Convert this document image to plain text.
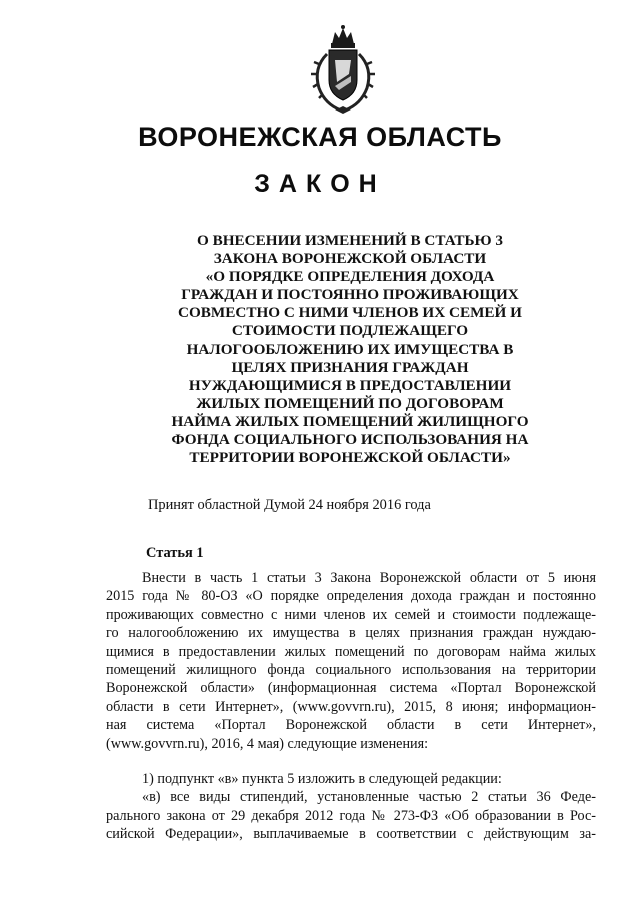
ВОРОНЕЖСКАЯ ОБЛАСТЬ
ЗАКОН
О ВНЕСЕНИИ ИЗМЕНЕНИЙ В СТАТЬЮ 3
ЗАКОНА ВОРОНЕЖСКОЙ ОБЛАСТИ
«О ПОРЯДКЕ ОПРЕДЕЛЕНИЯ ДОХОДА
ГРАЖДАН И ПОСТОЯННО ПРОЖИВАЮЩИХ
СОВМЕСТНО С НИМИ ЧЛЕНОВ ИХ СЕМЕЙ И
СТОИМОСТИ ПОДЛЕЖАЩЕГО
НАЛОГООБЛОЖЕНИЮ ИХ ИМУЩЕСТВА В
ЦЕЛЯХ ПРИЗНАНИЯ ГРАЖДАН
НУЖДАЮЩИМИСЯ В ПРЕДОСТАВЛЕНИИ
ЖИЛЫХ ПОМЕЩЕНИЙ ПО ДОГОВОРАМ
НАЙМА ЖИЛЫХ ПОМЕЩЕНИЙ ЖИЛИЩНОГО
ФОНДА СОЦИАЛЬНОГО ИСПОЛЬЗОВАНИЯ НА
ТЕРРИТОРИИ ВОРОНЕЖСКОЙ ОБЛАСТИ»
Принят областной Думой 24 ноября 2016 года
Статья 1
Внести в часть 1 статьи 3 Закона Воронежской области от 5 июня
2015 года № 80-ОЗ «О порядке определения дохода граждан и постоянно
проживающих совместно с ними членов их семей и стоимости подлежаще-
го налогообложению их имущества в целях признания граждан нуждаю-
щимися в предоставлении жилых помещений по договорам найма жилых
помещений жилищного фонда социального использования на территории
Воронежской области» (информационная система «Портал Воронежской
области в сети Интернет», (www.govvrn.ru), 2015, 8 июня; информацион-
ная система «Портал Воронежской области в сети Интернет»,
(www.govvrn.ru), 2016, 4 мая) следующие изменения:
1) подпункт «в» пункта 5 изложить в следующей редакции:
«в) все виды стипендий, установленные частью 2 статьи 36 Феде-
рального закона от 29 декабря 2012 года № 273-ФЗ «Об образовании в Рос-
сийской Федерации», выплачиваемые в соответствии с действующим за-
